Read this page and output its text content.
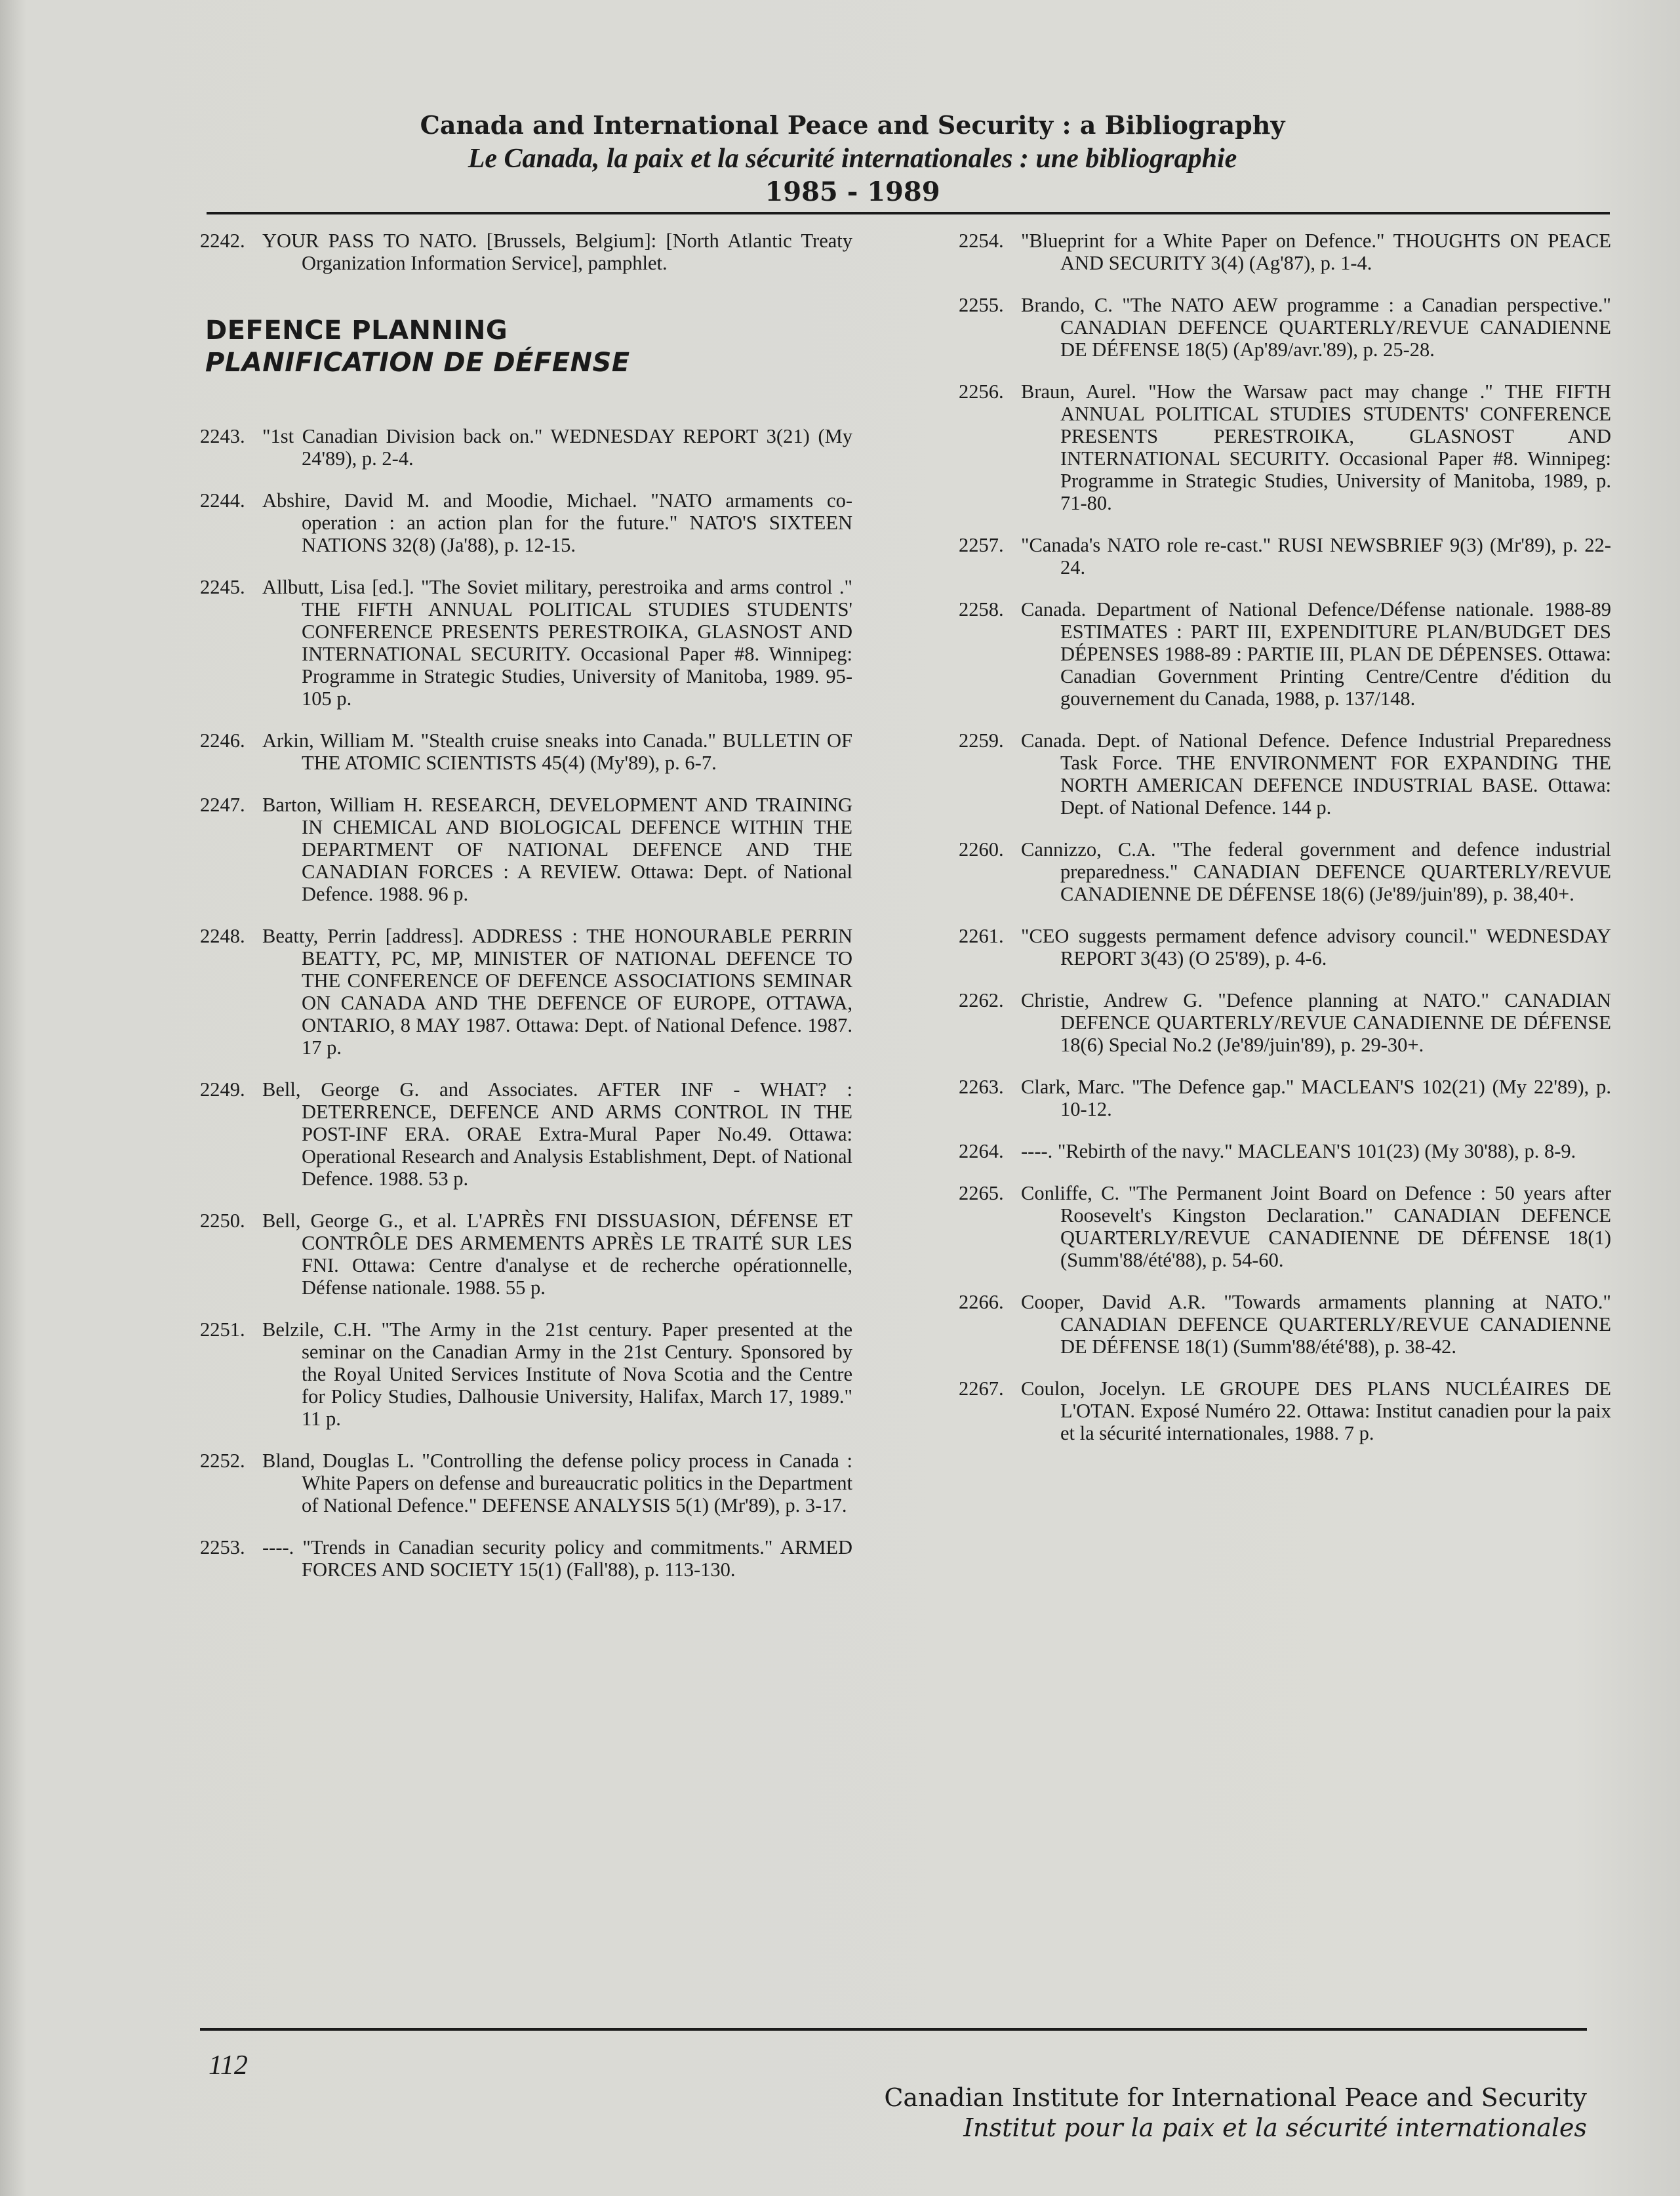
Canada and International Peace and Security : a Bibliography
Le Canada, la paix et la sécurité internationales : une bibliographie
1985 - 1989
2242. YOUR PASS TO NATO. [Brussels, Belgium]: [North Atlantic Treaty Organization Information Service], pamphlet.
DEFENCE PLANNING
PLANIFICATION DE DÉFENSE
2243. "1st Canadian Division back on." WEDNESDAY REPORT 3(21) (My 24'89), p. 2-4.
2244. Abshire, David M. and Moodie, Michael. "NATO armaments co-operation : an action plan for the future." NATO'S SIXTEEN NATIONS 32(8) (Ja'88), p. 12-15.
2245. Allbutt, Lisa [ed.]. "The Soviet military, perestroika and arms control ." THE FIFTH ANNUAL POLITICAL STUDIES STUDENTS' CONFERENCE PRESENTS PERESTROIKA, GLASNOST AND INTERNATIONAL SECURITY. Occasional Paper #8. Winnipeg: Programme in Strategic Studies, University of Manitoba, 1989. 95-105 p.
2246. Arkin, William M. "Stealth cruise sneaks into Canada." BULLETIN OF THE ATOMIC SCIENTISTS 45(4) (My'89), p. 6-7.
2247. Barton, William H. RESEARCH, DEVELOPMENT AND TRAINING IN CHEMICAL AND BIOLOGICAL DEFENCE WITHIN THE DEPARTMENT OF NATIONAL DEFENCE AND THE CANADIAN FORCES : A REVIEW. Ottawa: Dept. of National Defence. 1988. 96 p.
2248. Beatty, Perrin [address]. ADDRESS : THE HONOURABLE PERRIN BEATTY, PC, MP, MINISTER OF NATIONAL DEFENCE TO THE CONFERENCE OF DEFENCE ASSOCIATIONS SEMINAR ON CANADA AND THE DEFENCE OF EUROPE, OTTAWA, ONTARIO, 8 MAY 1987. Ottawa: Dept. of National Defence. 1987. 17 p.
2249. Bell, George G. and Associates. AFTER INF - WHAT? : DETERRENCE, DEFENCE AND ARMS CONTROL IN THE POST-INF ERA. ORAE Extra-Mural Paper No.49. Ottawa: Operational Research and Analysis Establishment, Dept. of National Defence. 1988. 53 p.
2250. Bell, George G., et al. L'APRÈS FNI DISSUASION, DÉFENSE ET CONTRÔLE DES ARMEMENTS APRÈS LE TRAITÉ SUR LES FNI. Ottawa: Centre d'analyse et de recherche opérationnelle, Défense nationale. 1988. 55 p.
2251. Belzile, C.H. "The Army in the 21st century. Paper presented at the seminar on the Canadian Army in the 21st Century. Sponsored by the Royal United Services Institute of Nova Scotia and the Centre for Policy Studies, Dalhousie University, Halifax, March 17, 1989." 11 p.
2252. Bland, Douglas L. "Controlling the defense policy process in Canada : White Papers on defense and bureaucratic politics in the Department of National Defence." DEFENSE ANALYSIS 5(1) (Mr'89), p. 3-17.
2253. ----. "Trends in Canadian security policy and commitments." ARMED FORCES AND SOCIETY 15(1) (Fall'88), p. 113-130.
2254. "Blueprint for a White Paper on Defence." THOUGHTS ON PEACE AND SECURITY 3(4) (Ag'87), p. 1-4.
2255. Brando, C. "The NATO AEW programme : a Canadian perspective." CANADIAN DEFENCE QUARTERLY/REVUE CANADIENNE DE DÉFENSE 18(5) (Ap'89/avr.'89), p. 25-28.
2256. Braun, Aurel. "How the Warsaw pact may change ." THE FIFTH ANNUAL POLITICAL STUDIES STUDENTS' CONFERENCE PRESENTS PERESTROIKA, GLASNOST AND INTERNATIONAL SECURITY. Occasional Paper #8. Winnipeg: Programme in Strategic Studies, University of Manitoba, 1989, p. 71-80.
2257. "Canada's NATO role re-cast." RUSI NEWSBRIEF 9(3) (Mr'89), p. 22-24.
2258. Canada. Department of National Defence/Défense nationale. 1988-89 ESTIMATES : PART III, EXPENDITURE PLAN/BUDGET DES DÉPENSES 1988-89 : PARTIE III, PLAN DE DÉPENSES. Ottawa: Canadian Government Printing Centre/Centre d'édition du gouvernement du Canada, 1988, p. 137/148.
2259. Canada. Dept. of National Defence. Defence Industrial Preparedness Task Force. THE ENVIRONMENT FOR EXPANDING THE NORTH AMERICAN DEFENCE INDUSTRIAL BASE. Ottawa: Dept. of National Defence. 144 p.
2260. Cannizzo, C.A. "The federal government and defence industrial preparedness." CANADIAN DEFENCE QUARTERLY/REVUE CANADIENNE DE DÉFENSE 18(6) (Je'89/juin'89), p. 38,40+.
2261. "CEO suggests permament defence advisory council." WEDNESDAY REPORT 3(43) (O 25'89), p. 4-6.
2262. Christie, Andrew G. "Defence planning at NATO." CANADIAN DEFENCE QUARTERLY/REVUE CANADIENNE DE DÉFENSE 18(6) Special No.2 (Je'89/juin'89), p. 29-30+.
2263. Clark, Marc. "The Defence gap." MACLEAN'S 102(21) (My 22'89), p. 10-12.
2264. ----. "Rebirth of the navy." MACLEAN'S 101(23) (My 30'88), p. 8-9.
2265. Conliffe, C. "The Permanent Joint Board on Defence : 50 years after Roosevelt's Kingston Declaration." CANADIAN DEFENCE QUARTERLY/REVUE CANADIENNE DE DÉFENSE 18(1) (Summ'88/été'88), p. 54-60.
2266. Cooper, David A.R. "Towards armaments planning at NATO." CANADIAN DEFENCE QUARTERLY/REVUE CANADIENNE DE DÉFENSE 18(1) (Summ'88/été'88), p. 38-42.
2267. Coulon, Jocelyn. LE GROUPE DES PLANS NUCLÉAIRES DE L'OTAN. Exposé Numéro 22. Ottawa: Institut canadien pour la paix et la sécurité internationales, 1988. 7 p.
112
Canadian Institute for International Peace and Security
Institut pour la paix et la sécurité internationales
